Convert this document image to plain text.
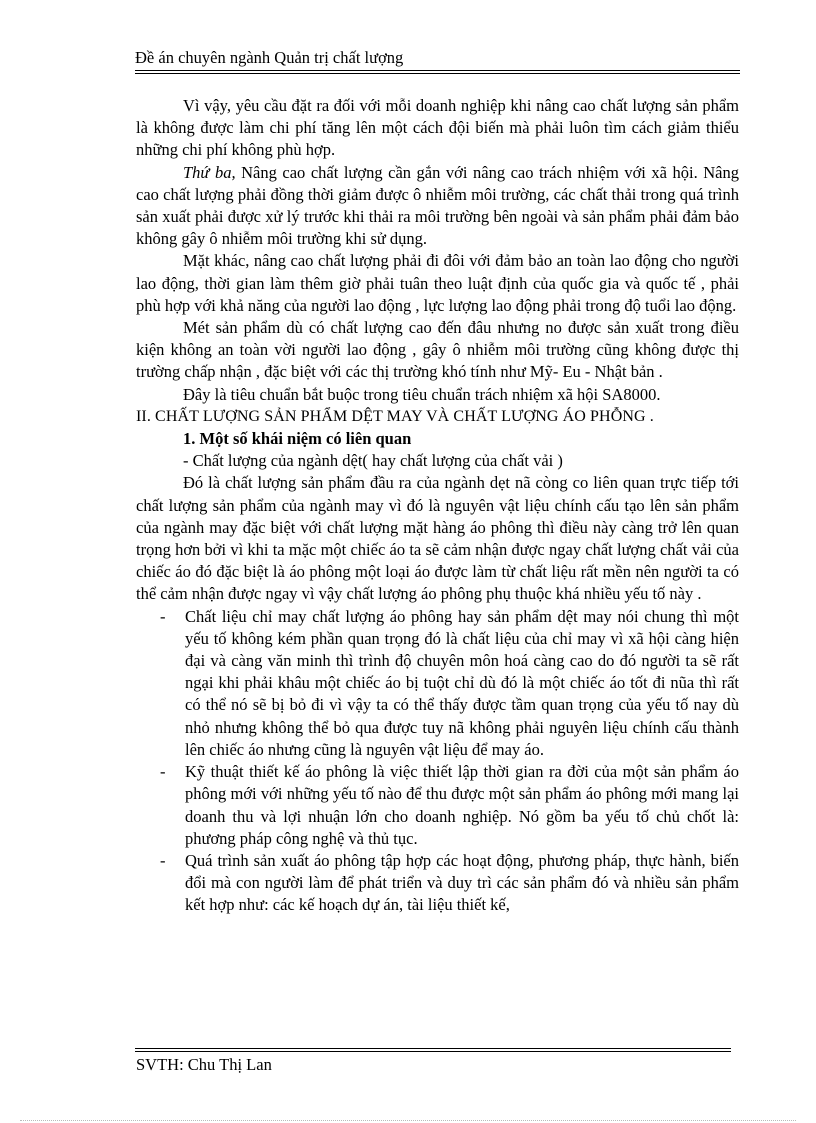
Đề án chuyên ngành Quản trị chất lượng

Vì vậy, yêu cầu đặt ra đối với mỗi doanh nghiệp khi nâng cao chất lượng sản phẩm là không được làm chi phí tăng lên một cách đội biến mà phải luôn tìm cách giảm thiểu những chi phí không phù hợp.

Thứ ba, Nâng cao chất lượng cần gắn với nâng cao trách nhiệm với xã hội. Nâng cao chất lượng phải đồng thời giảm được ô nhiễm môi trường, các chất thải trong quá trình sản xuất phải được xử lý trước khi thải ra môi trường bên ngoài và sản phẩm phải đảm bảo không gây ô nhiễm môi trường khi sử dụng.

Mặt khác, nâng cao chất lượng phải đi đôi với đảm bảo an toàn lao động cho người lao động, thời gian làm thêm giờ phải tuân theo luật định của quốc gia và quốc tế , phải phù hợp với khả năng của người lao động , lực lượng lao động phải trong độ tuổi lao động.

Mét sản phẩm dù có chất lượng cao đến đâu nhưng no được sản xuất trong điều kiện không an toàn vời người lao động , gây ô nhiễm môi trường cũng không được thị trường chấp nhận , đặc biệt với các thị trường khó tính như Mỹ- Eu - Nhật bản .

Đây là tiêu chuẩn bắt buộc trong tiêu chuẩn trách nhiệm xã hội SA8000.

II. CHẤT LƯỢNG SẢN PHẨM DỆT MAY VÀ CHẤT LƯỢNG ÁO PHỖNG .

1. Một số khái niệm có liên quan

- Chất lượng của ngành dệt( hay chất lượng của chất vải )

Đó là chất lượng sản phẩm đầu ra của ngành dẹt nã còng co liên quan trực tiếp tới chất lượng sản phẩm của ngành may vì đó là nguyên vật liệu chính cấu tạo lên sản phẩm của ngành may đặc biệt với chất lượng mặt hàng áo phông thì điều này càng trở lên quan trọng hơn bởi vì khi ta mặc một chiếc áo ta sẽ cảm nhận được ngay chất lượng chất vải của chiếc áo đó đặc biệt là áo phông một loại áo được làm từ chất liệu rất mền nên người ta có thể cảm nhận được ngay vì vậy chất lượng áo phông phụ thuộc khá nhiều yếu tố này .

- Chất liệu chỉ may chất lượng áo phông hay sản phẩm dệt may nói chung thì một yếu tố không kém phần quan trọng đó là chất liệu của chỉ may vì xã hội càng hiện đại và càng văn minh thì trình độ chuyên môn hoá càng cao do đó người ta sẽ rất ngại khi phải khâu một chiếc áo bị tuột chỉ dù đó là một chiếc áo tốt đi nũa thì rất có thể nó sẽ bị bỏ đi vì vậy ta có thể thấy được tầm quan trọng của yếu tố nay dù nhỏ nhưng không thể bỏ qua được tuy nã không phải nguyên liệu chính cấu thành lên chiếc áo nhưng cũng là nguyên vật liệu để may áo.

- Kỹ thuật thiết kế áo phông là việc thiết lập thời gian ra đời của một sản phẩm áo phông mới với những yếu tố nào để thu được một sản phẩm áo phông mới mang lại doanh thu và lợi nhuận lớn cho doanh nghiệp. Nó gồm ba yếu tố chủ chốt là: phương pháp công nghệ và thủ tục.

- Quá trình sản xuất áo phông tập hợp các hoạt động, phương pháp, thực hành, biến đổi mà con người làm để phát triển và duy trì các sản phẩm đó và nhiều sản phẩm kết hợp như: các kế hoạch dự án, tài liệu thiết kế,

SVTH: Chu Thị Lan
